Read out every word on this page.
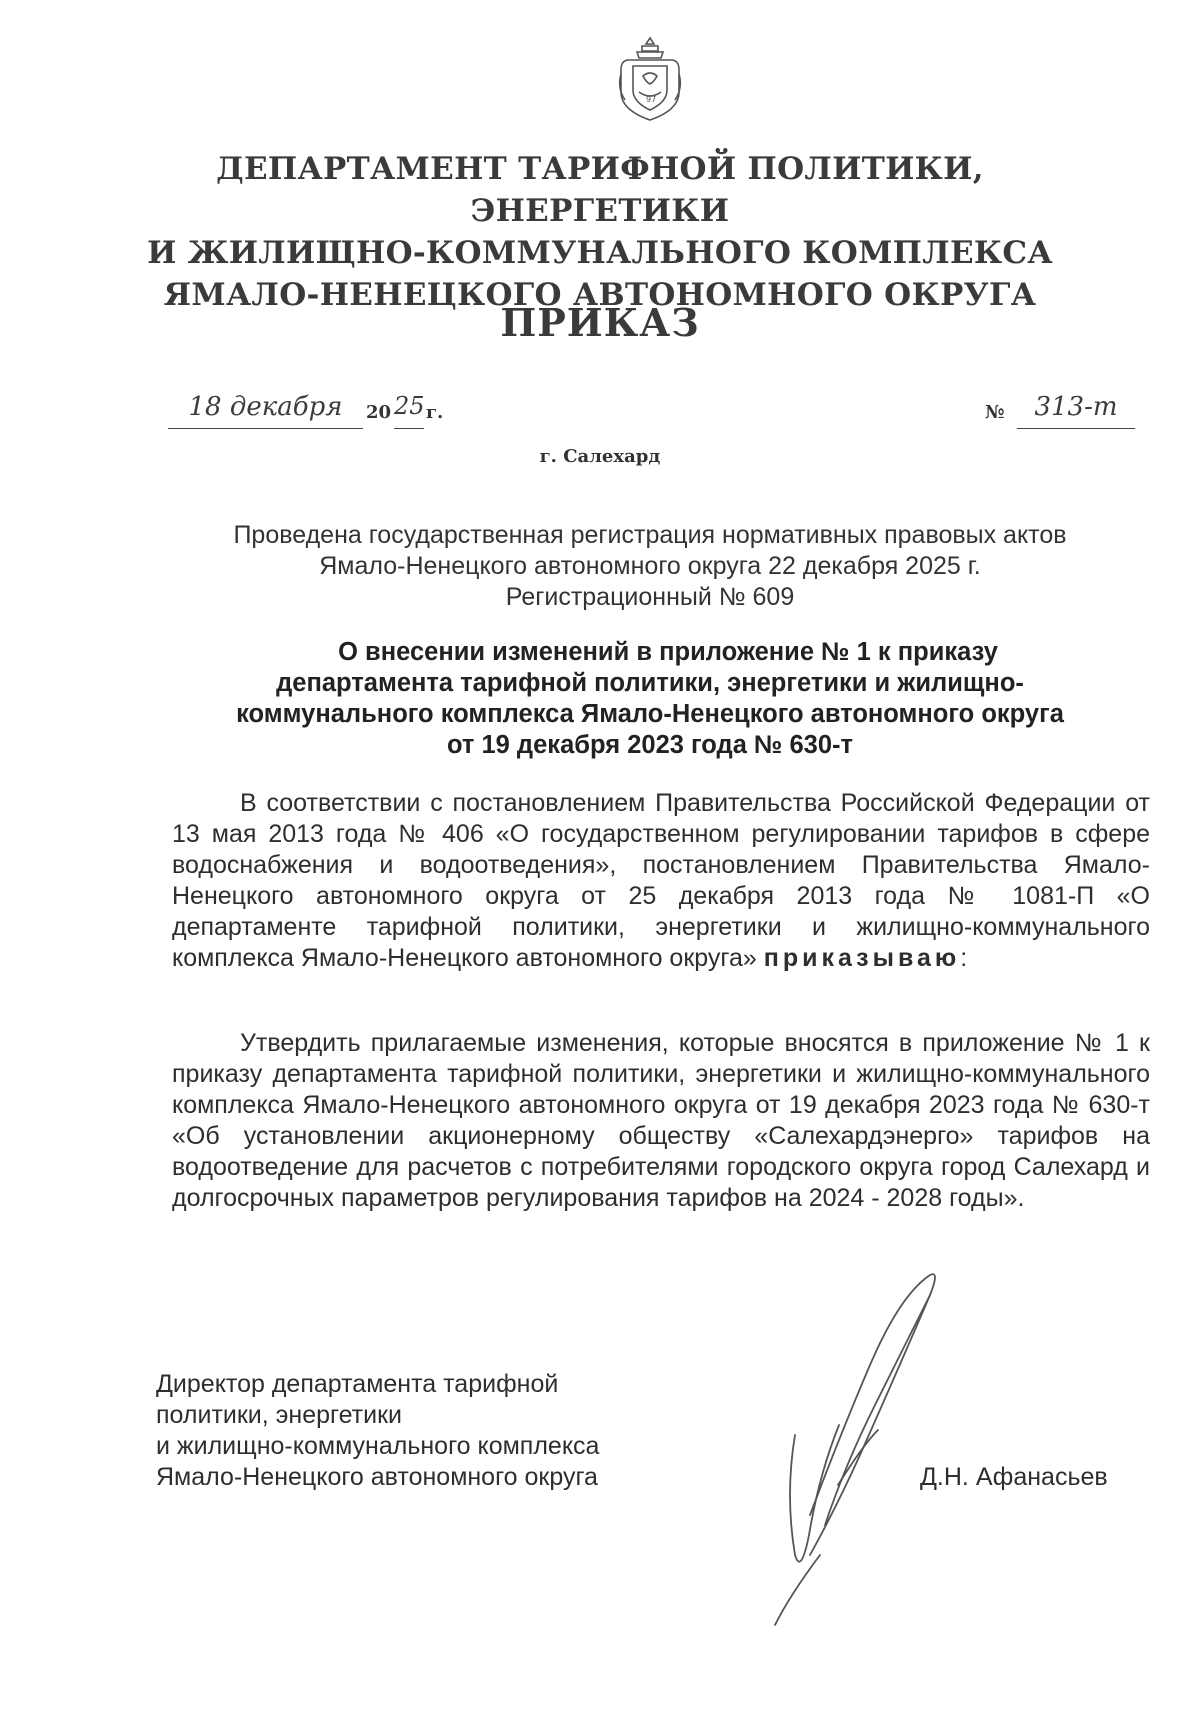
97
ДЕПАРТАМЕНТ ТАРИФНОЙ ПОЛИТИКИ, ЭНЕРГЕТИКИ
И ЖИЛИЩНО-КОММУНАЛЬНОГО КОМПЛЕКСА
ЯМАЛО-НЕНЕЦКОГО АВТОНОМНОГО ОКРУГА
ПРИКАЗ
18 декабря	20 25 г.	№	313-т
г. Салехард
Проведена государственная регистрация нормативных правовых актов
Ямало-Ненецкого автономного округа 22 декабря 2025 г.
Регистрационный № 609
О внесении изменений в приложение № 1 к приказу
департамента тарифной политики, энергетики и жилищно-
коммунального комплекса Ямало-Ненецкого автономного округа
от 19 декабря 2023 года № 630-т
В соответствии с постановлением Правительства Российской Федерации от 13 мая 2013 года № 406 «О государственном регулировании тарифов в сфере водоснабжения и водоотведения», постановлением Правительства Ямало-Ненецкого автономного округа от 25 декабря 2013 года № 1081-П «О департаменте тарифной политики, энергетики и жилищно-коммунального комплекса Ямало-Ненецкого автономного округа» приказываю:
Утвердить прилагаемые изменения, которые вносятся в приложение № 1 к приказу департамента тарифной политики, энергетики и жилищно-коммунального комплекса Ямало-Ненецкого автономного округа от 19 декабря 2023 года № 630-т «Об установлении акционерному обществу «Салехардэнерго» тарифов на водоотведение для расчетов с потребителями городского округа город Салехард и долгосрочных параметров регулирования тарифов на 2024 - 2028 годы».
Директор департамента тарифной
политики, энергетики
и жилищно-коммунального комплекса
Ямало-Ненецкого автономного округа	Д.Н. Афанасьев
